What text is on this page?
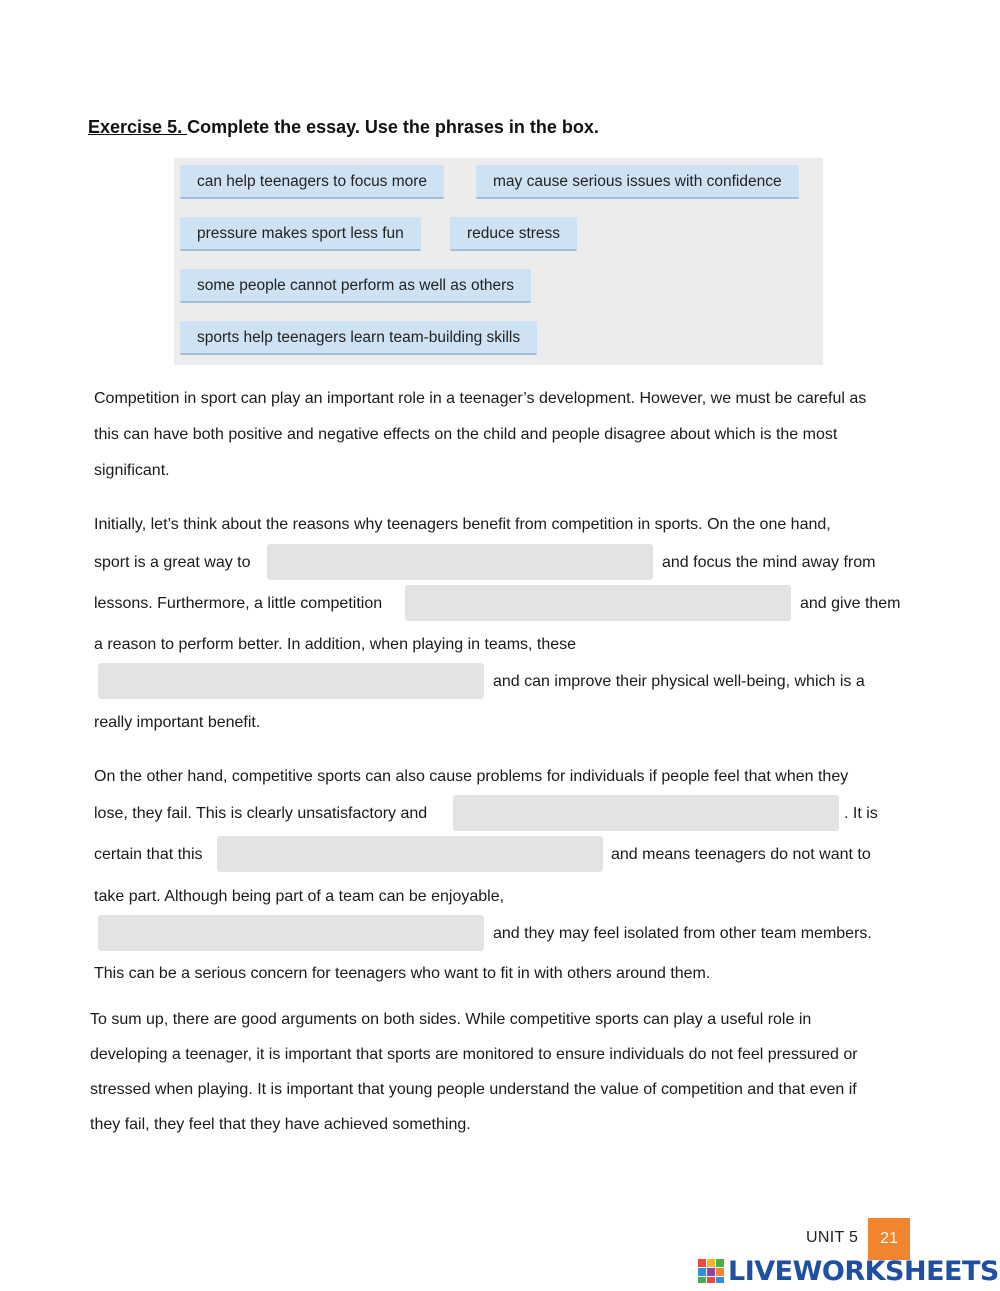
Exercise 5. Complete the essay. Use the phrases in the box.
can help teenagers to focus more	may cause serious issues with confidence
pressure makes sport less fun	reduce stress
some people cannot perform as well as others
sports help teenagers learn team-building skills
Competition in sport can play an important role in a teenager’s development. However, we must be careful as
this can have both positive and negative effects on the child and people disagree about which is the most
significant.
Initially, let’s think about the reasons why teenagers benefit from competition in sports. On the one hand,
sport is a great way to	and focus the mind away from
lessons. Furthermore, a little competition	and give them
a reason to perform better. In addition, when playing in teams, these
and can improve their physical well-being, which is a
really important benefit.
On the other hand, competitive sports can also cause problems for individuals if people feel that when they
lose, they fail. This is clearly unsatisfactory and	. It is
certain that this	and means teenagers do not want to
take part. Although being part of a team can be enjoyable,
and they may feel isolated from other team members.
This can be a serious concern for teenagers who want to fit in with others around them.
To sum up, there are good arguments on both sides. While competitive sports can play a useful role in
developing a teenager, it is important that sports are monitored to ensure individuals do not feel pressured or
stressed when playing. It is important that young people understand the value of competition and that even if
they fail, they feel that they have achieved something.
UNIT 5	21
LIVEWORKSHEETS
